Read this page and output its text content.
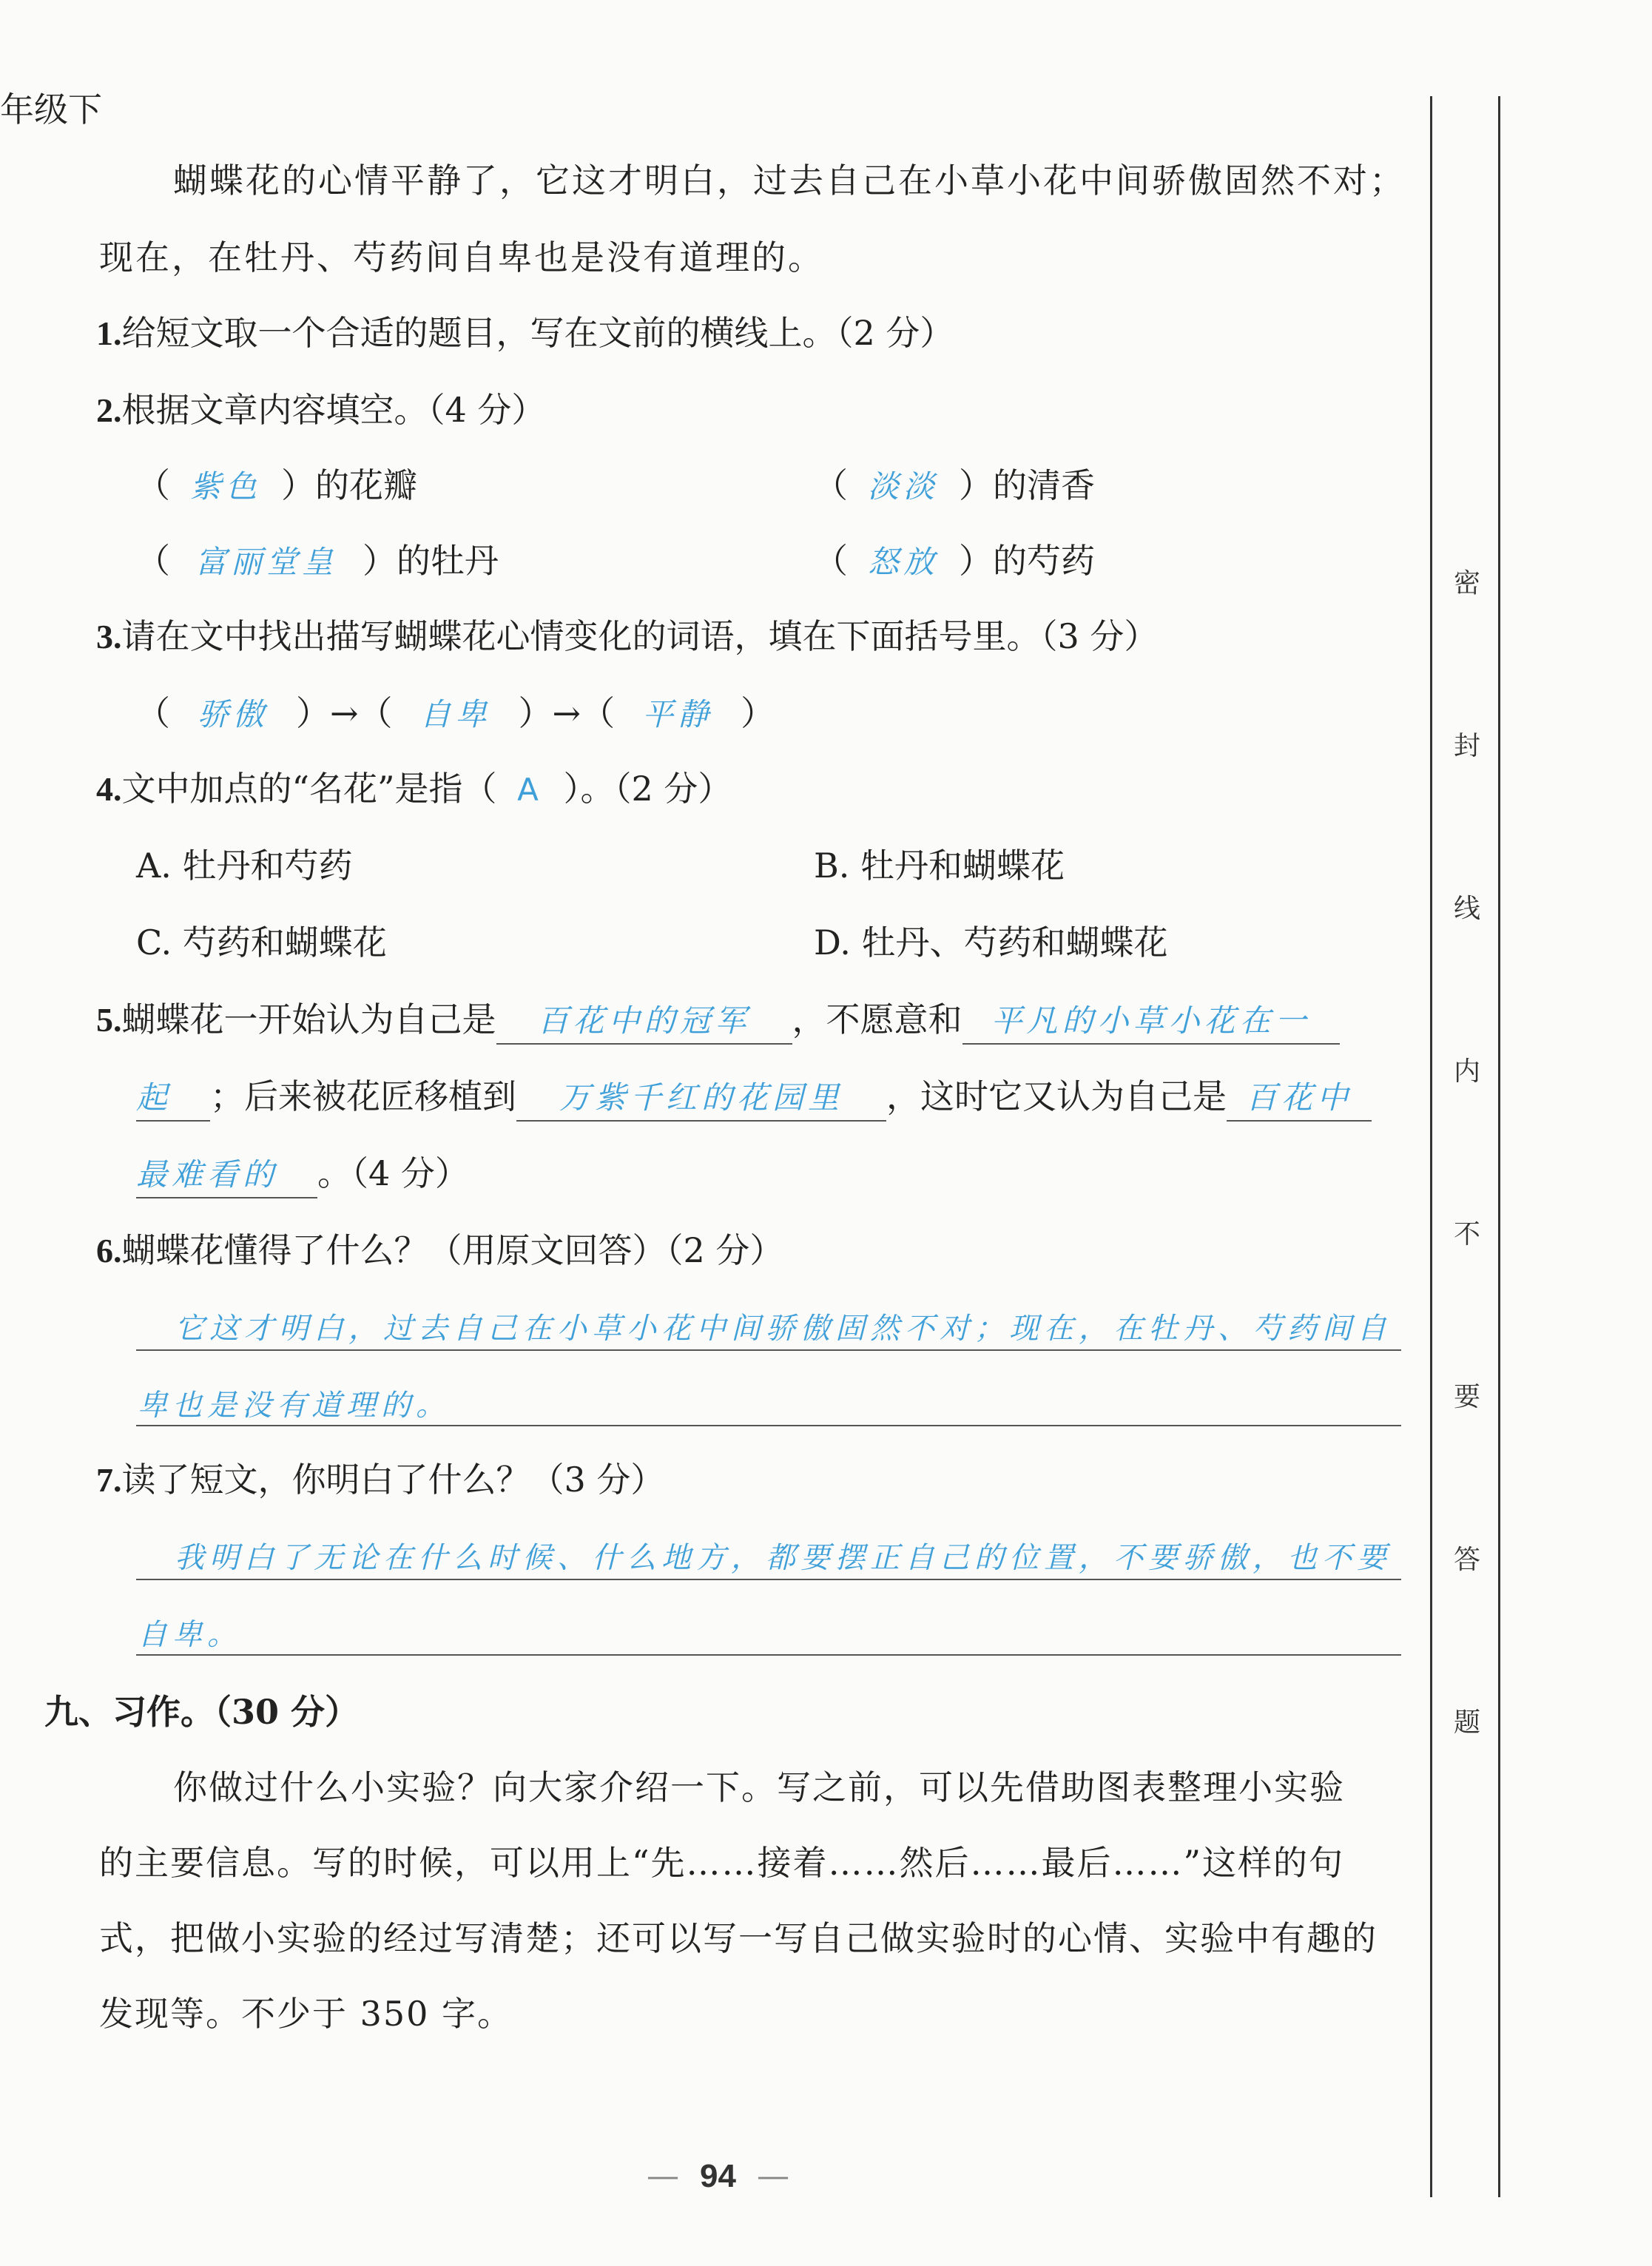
年级下
蝴蝶花的心情平静了，它这才明白，过去自己在小草小花中间骄傲固然不对；
现在，在牡丹、芍药间自卑也是没有道理的。
1.给短文取一个合适的题目，写在文前的横线上。（2 分）
2.根据文章内容填空。（4 分）
（ 紫色 ）的花瓣	（ 淡淡 ）的清香
（ 富丽堂皇 ）的牡丹	（ 怒放 ）的芍药
3.请在文中找出描写蝴蝶花心情变化的词语，填在下面括号里。（3 分）
（ 骄傲 ）→（ 自卑 ）→（ 平静 ）
4.文中加点的“名花”是指（ A ）。（2 分）
A. 牡丹和芍药	B. 牡丹和蝴蝶花
C. 芍药和蝴蝶花	D. 牡丹、芍药和蝴蝶花
5.蝴蝶花一开始认为自己是 百花中的冠军 ，不愿意和 平凡的小草小花在一
起 ；后来被花匠移植到 万紫千红的花园里 ，这时它又认为自己是 百花中
最难看的 。（4 分）
6.蝴蝶花懂得了什么？（用原文回答）（2 分）
它这才明白，过去自己在小草小花中间骄傲固然不对；现在，在牡丹、芍药间自
卑也是没有道理的。
7.读了短文，你明白了什么？（3 分）
我明白了无论在什么时候、什么地方，都要摆正自己的位置，不要骄傲，也不要
自卑。
九、习作。（30 分）
你做过什么小实验？向大家介绍一下。写之前，可以先借助图表整理小实验
的主要信息。写的时候，可以用上“先……接着……然后……最后……”这样的句
式，把做小实验的经过写清楚；还可以写一写自己做实验时的心情、实验中有趣的
发现等。不少于 350 字。
— 94 —
密
封
线
内
不
要
答
题
